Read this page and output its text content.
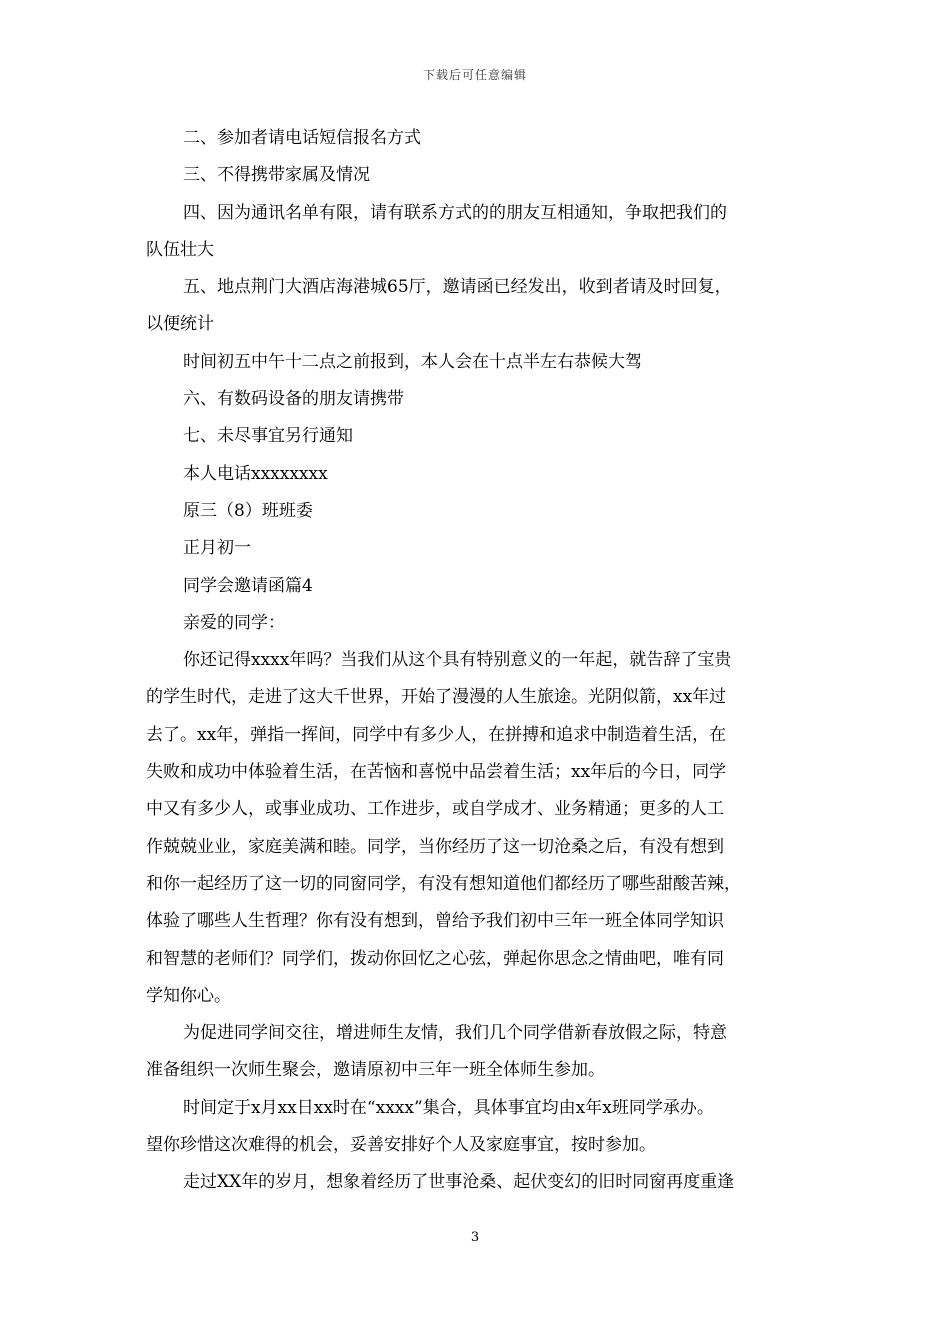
下载后可任意编辑
二、参加者请电话短信报名方式
三、不得携带家属及情况
四、因为通讯名单有限，请有联系方式的的朋友互相通知，争取把我们的
队伍壮大
五、地点荆门大酒店海港城65厅，邀请函已经发出，收到者请及时回复，
以便统计
时间初五中午十二点之前报到，本人会在十点半左右恭候大驾
六、有数码设备的朋友请携带
七、未尽事宜另行通知
本人电话xxxxxxxx
原三（8）班班委
正月初一
同学会邀请函篇4
亲爱的同学：
你还记得xxxx年吗？当我们从这个具有特别意义的一年起，就告辞了宝贵
的学生时代，走进了这大千世界，开始了漫漫的人生旅途。光阴似箭，xx年过
去了。xx年，弹指一挥间，同学中有多少人，在拼搏和追求中制造着生活，在
失败和成功中体验着生活，在苦恼和喜悦中品尝着生活；xx年后的今日，同学
中又有多少人，或事业成功、工作进步，或自学成才、业务精通；更多的人工
作兢兢业业，家庭美满和睦。同学，当你经历了这一切沧桑之后，有没有想到
和你一起经历了这一切的同窗同学，有没有想知道他们都经历了哪些甜酸苦辣，
体验了哪些人生哲理？你有没有想到，曾给予我们初中三年一班全体同学知识
和智慧的老师们？同学们，拨动你回忆之心弦，弹起你思念之情曲吧，唯有同
学知你心。
为促进同学间交往，增进师生友情，我们几个同学借新春放假之际，特意
准备组织一次师生聚会，邀请原初中三年一班全体师生参加。
时间定于x月xx日xx时在“xxxx”集合，具体事宜均由x年x班同学承办。
望你珍惜这次难得的机会，妥善安排好个人及家庭事宜，按时参加。
走过XX年的岁月，想象着经历了世事沧桑、起伏变幻的旧时同窗再度重逢
3
